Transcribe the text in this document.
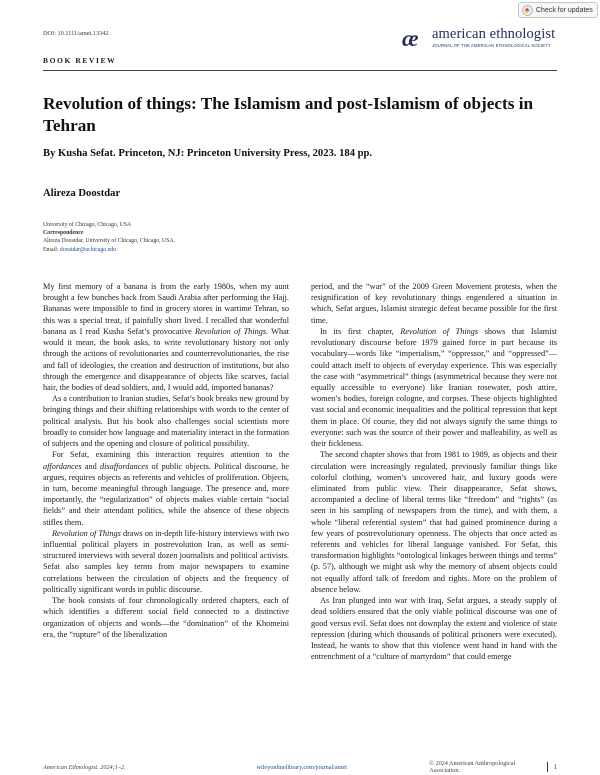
Check for updates
DOI: 10.1111/amet.13342	æ american ethnologist
JOURNAL OF THE AMERICAN ETHNOLOGICAL SOCIETY
BOOK REVIEW
Revolution of things: The Islamism and post-Islamism of objects in Tehran
By Kusha Sefat. Princeton, NJ: Princeton University Press, 2023. 184 pp.
Alireza Doostdar
University of Chicago, Chicago, USA
Correspondence
Alireza Doostdar, University of Chicago, Chicago, USA.
Email: doostdar@uchicago.edu

My first memory of a banana is from the early 1980s, when my aunt brought a few bunches back from Saudi Arabia after performing the Hajj. Bananas were impossible to find in grocery stores in wartime Tehran, so this was a special treat, if painfully short lived. I recalled that wonderful banana as I read Kusha Sefat’s provocative Revolution of Things. What would it mean, the book asks, to write revolutionary history not only through the actions of revolutionaries and counterrevolutionaries, the rise and fall of ideologies, the creation and destruction of institutions, but also through the emergence and disappearance of objects like scarves, facial hair, the bodies of dead soldiers, and, I would add, imported bananas?

As a contribution to Iranian studies, Sefat’s book breaks new ground by bringing things and their shifting relationships with words to the center of political analysis. But his book also challenges social scientists more broadly to consider how language and materiality interact in the formation of subjects and the opening and closure of political possibility.

For Sefat, examining this interaction requires attention to the affordances and disaffordances of public objects. Political discourse, he argues, requires objects as referents and vehicles of proliferation. Objects, in turn, become meaningful through language. The presence and, more importantly, the “regularization” of objects makes viable certain “social fields” and their attendant politics, while the absence of these objects stifles them.

Revolution of Things draws on in-depth life-history interviews with two influential political players in postrevolution Iran, as well as semi-structured interviews with several dozen journalists and political activists. Sefat also samples key terms from major newspapers to examine correlations between the circulation of objects and the frequency of politically significant words in public discourse.

The book consists of four chronologically ordered chapters, each of which identifies a different social field connected to a distinctive organization of objects and words—the “domination” of the Khomeini era, the “rupture” of the liberalization

period, and the “war” of the 2009 Green Movement protests, when the resignification of key revolutionary things engendered a situation in which, Sefat argues, Islamist strategic defeat became possible for the first time.

In its first chapter, Revolution of Things shows that Islamist revolutionary discourse before 1979 gained force in part because its vocabulary—words like “imperialism,” “oppressor,” and “oppressed”—could attach itself to objects of everyday experience. This was especially the case with “asymmetrical” things (asymmetrical because they were not equally accessible to everyone) like Iranian rosewater, posh attire, women’s bodies, foreign cologne, and corpses. These objects highlighted vast social and economic inequalities and the political repression that kept them in place. Of course, they did not always signify the same things to everyone: such was the source of their power and malleability, as well as their fickleness.

The second chapter shows that from 1981 to 1989, as objects and their circulation were increasingly regulated, previously familiar things like colorful clothing, women’s uncovered hair, and luxury goods were eliminated from public view. Their disappearance, Sefat shows, accompanied a decline of liberal terms like “freedom” and “rights” (as seen in his sampling of newspapers from the time), and with them, a whole “liberal referential system” that had gained prominence during a few years of postrevolutionary openness. The objects that once acted as referents and vehicles for liberal language vanished. For Sefat, this transformation highlights “ontological linkages between things and terms” (p. 57), although we might ask why the memory of absent objects could not equally afford talk of freedom and rights. More on the problem of absence below.

As Iran plunged into war with Iraq, Sefat argues, a steady supply of dead soldiers ensured that the only viable political discourse was one of good versus evil. Sefat does not downplay the extent and violence of state repression (during which thousands of political prisoners were executed). Instead, he wants to show that this violence went hand in hand with the entrenchment of a “culture of martyrdom” that could emerge

American Ethnologist. 2024;1–2.	wileyonlinelibrary.com/journal/amet	© 2024 American Anthropological Association.	1
